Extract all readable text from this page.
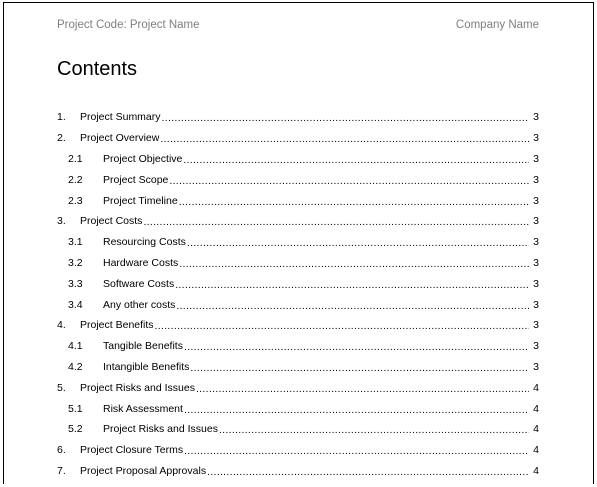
Project Code: Project Name	Company Name
Contents
1.	Project Summary .....	3
2.	Project Overview .....	3
2.1	Project Objective .....	3
2.2	Project Scope .....	3
2.3	Project Timeline .....	3
3.	Project Costs .....	3
3.1	Resourcing Costs .....	3
3.2	Hardware Costs .....	3
3.3	Software Costs .....	3
3.4	Any other costs .....	3
4.	Project Benefits .....	3
4.1	Tangible Benefits .....	3
4.2	Intangible Benefits .....	3
5.	Project Risks and Issues .....	4
5.1	Risk Assessment .....	4
5.2	Project Risks and Issues .....	4
6.	Project Closure Terms .....	4
7.	Project Proposal Approvals .....	4
